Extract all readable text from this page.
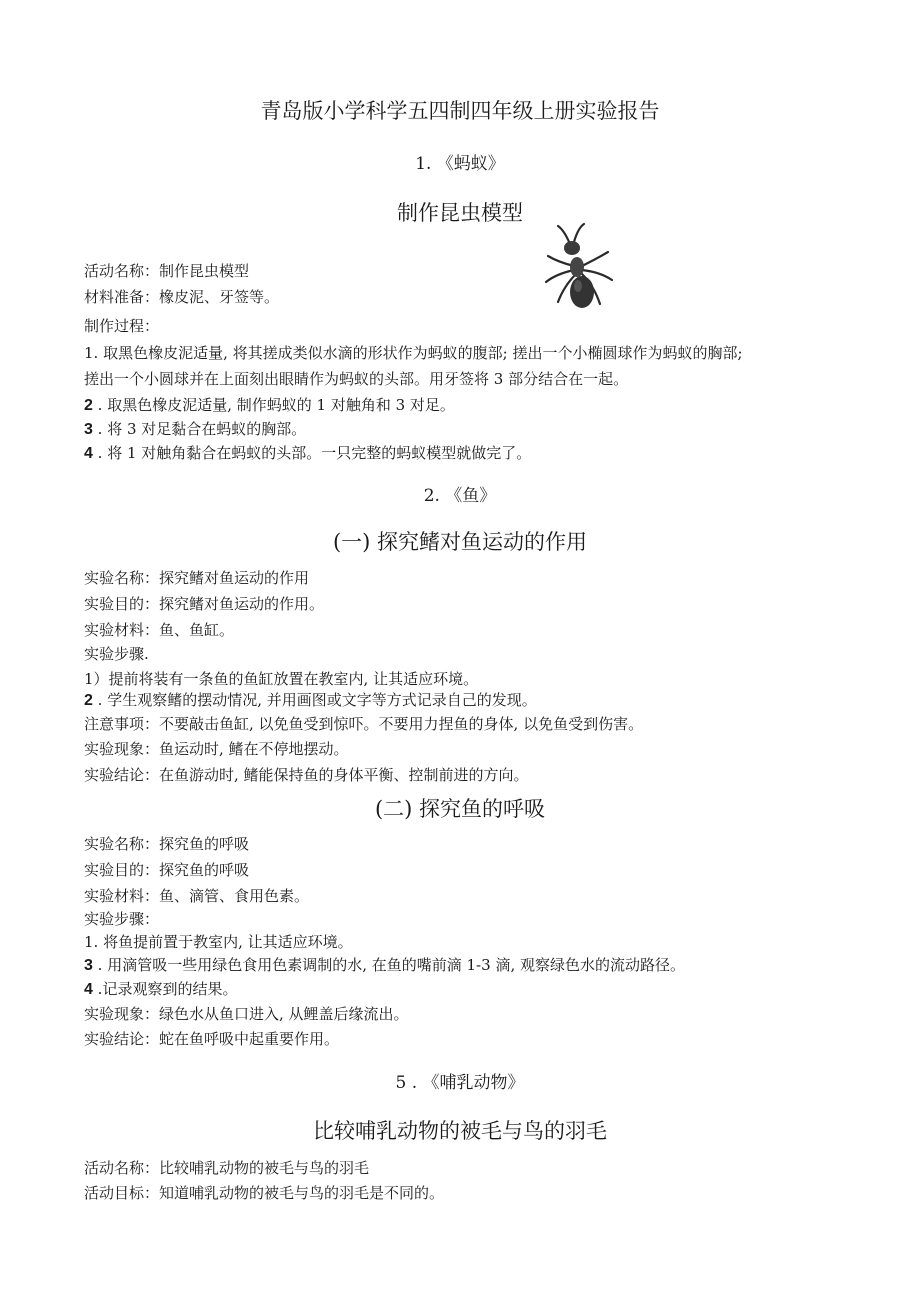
青岛版小学科学五四制四年级上册实验报告
1. 《蚂蚁》
制作昆虫模型
活动名称：制作昆虫模型
材料准备：橡皮泥、牙签等。
制作过程：
1. 取黑色橡皮泥适量, 将其搓成类似水滴的形状作为蚂蚁的腹部; 搓出一个小椭圆球作为蚂蚁的胸部;
搓出一个小圆球并在上面刻出眼睛作为蚂蚁的头部。用牙签将 3 部分结合在一起。
2 . 取黑色橡皮泥适量, 制作蚂蚁的 1 对触角和 3 对足。
3 . 将 3 对足黏合在蚂蚁的胸部。
4 . 将 1 对触角黏合在蚂蚁的头部。一只完整的蚂蚁模型就做完了。
2. 《鱼》
(一) 探究鳍对鱼运动的作用
实验名称：探究鳍对鱼运动的作用
实验目的：探究鳍对鱼运动的作用。
实验材料：鱼、鱼缸。
实验步骤.
1）提前将装有一条鱼的鱼缸放置在教室内, 让其适应环境。
2 . 学生观察鳍的摆动情况, 并用画图或文字等方式记录自己的发现。
注意事项：不要敲击鱼缸, 以免鱼受到惊吓。不要用力捏鱼的身体, 以免鱼受到伤害。
实验现象：鱼运动时, 鳍在不停地摆动。
实验结论：在鱼游动时, 鳍能保持鱼的身体平衡、控制前进的方向。
(二) 探究鱼的呼吸
实验名称：探究鱼的呼吸
实验目的：探究鱼的呼吸
实验材料：鱼、滴管、食用色素。
实验步骤：
1. 将鱼提前置于教室内, 让其适应环境。
3 . 用滴管吸一些用绿色食用色素调制的水, 在鱼的嘴前滴 1-3 滴, 观察绿色水的流动路径。
4 .记录观察到的结果。
实验现象：绿色水从鱼口进入, 从鲤盖后缘流出。
实验结论：蛇在鱼呼吸中起重要作用。
5 . 《哺乳动物》
比较哺乳动物的被毛与鸟的羽毛
活动名称：比较哺乳动物的被毛与鸟的羽毛
活动目标：知道哺乳动物的被毛与鸟的羽毛是不同的。
